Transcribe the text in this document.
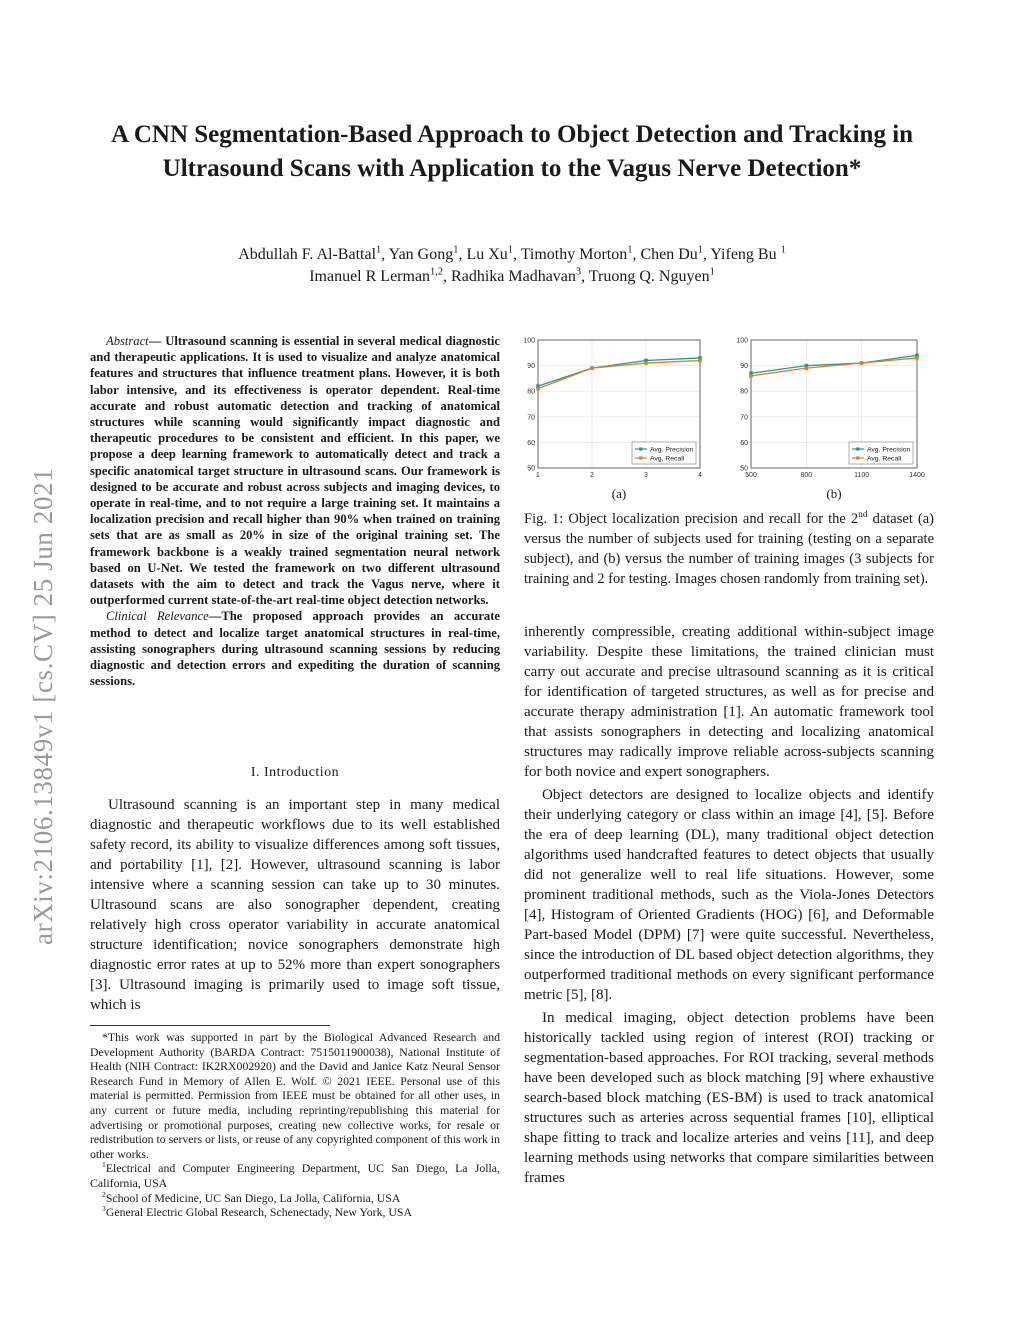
arXiv:2106.13849v1 [cs.CV] 25 Jun 2021
A CNN Segmentation-Based Approach to Object Detection and Tracking in Ultrasound Scans with Application to the Vagus Nerve Detection*
Abdullah F. Al-Battal$^1$, Yan Gong$^1$, Lu Xu$^1$, Timothy Morton$^1$, Chen Du$^1$, Yifeng Bu $^1$
Imanuel R Lerman$^{1,2}$, Radhika Madhavan$^3$, Truong Q. Nguyen$^1$

Abstract— Ultrasound scanning is essential in several medical diagnostic and therapeutic applications. It is used to visualize and analyze anatomical features and structures that influence treatment plans. However, it is both labor intensive, and its effectiveness is operator dependent. Real-time accurate and robust automatic detection and tracking of anatomical structures while scanning would significantly impact diagnostic and therapeutic procedures to be consistent and efficient. In this paper, we propose a deep learning framework to automatically detect and track a specific anatomical target structure in ultrasound scans. Our framework is designed to be accurate and robust across subjects and imaging devices, to operate in real-time, and to not require a large training set. It maintains a localization precision and recall higher than 90% when trained on training sets that are as small as 20% in size of the original training set. The framework backbone is a weakly trained segmentation neural network based on U-Net. We tested the framework on two different ultrasound datasets with the aim to detect and track the Vagus nerve, where it outperformed current state-of-the-art real-time object detection networks.

Clinical Relevance—The proposed approach provides an accurate method to detect and localize target anatomical structures in real-time, assisting sonographers during ultrasound scanning sessions by reducing diagnostic and detection errors and expediting the duration of scanning sessions.

I. Introduction

Ultrasound scanning is an important step in many medical diagnostic and therapeutic workflows due to its well established safety record, its ability to visualize differences among soft tissues, and portability [1], [2]. However, ultrasound scanning is labor intensive where a scanning session can take up to 30 minutes. Ultrasound scans are also sonographer dependent, creating relatively high cross operator variability in accurate anatomical structure identification; novice sonographers demonstrate high diagnostic error rates at up to 52% more than expert sonographers [3]. Ultrasound imaging is primarily used to image soft tissue, which is

*This work was supported in part by the Biological Advanced Research and Development Authority (BARDA Contract: 7515011900038), National Institute of Health (NIH Contract: IK2RX002920) and the David and Janice Katz Neural Sensor Research Fund in Memory of Allen E. Wolf. © 2021 IEEE. Personal use of this material is permitted. Permission from IEEE must be obtained for all other uses, in any current or future media, including reprinting/republishing this material for advertising or promotional purposes, creating new collective works, for resale or redistribution to servers or lists, or reuse of any copyrighted component of this work in other works.

$^1$Electrical and Computer Engineering Department, UC San Diego, La Jolla, California, USA

$^2$School of Medicine, UC San Diego, La Jolla, California, USA

$^3$General Electric Global Research, Schenectady, New York, USA

50
60
70
80
90
100
1	2	3	4
Avg. Precision
Avg. Recall
(a)
50
60
70
80
90
100
500	800	1100	1400
Avg. Precision
Avg. Recall
(b)
Fig. 1: Object localization precision and recall for the 2nd dataset (a) versus the number of subjects used for training (testing on a separate subject), and (b) versus the number of training images (3 subjects for training and 2 for testing. Images chosen randomly from training set).

inherently compressible, creating additional within-subject image variability. Despite these limitations, the trained clinician must carry out accurate and precise ultrasound scanning as it is critical for identification of targeted structures, as well as for precise and accurate therapy administration [1]. An automatic framework tool that assists sonographers in detecting and localizing anatomical structures may radically improve reliable across-subjects scanning for both novice and expert sonographers.

Object detectors are designed to localize objects and identify their underlying category or class within an image [4], [5]. Before the era of deep learning (DL), many traditional object detection algorithms used handcrafted features to detect objects that usually did not generalize well to real life situations. However, some prominent traditional methods, such as the Viola-Jones Detectors [4], Histogram of Oriented Gradients (HOG) [6], and Deformable Part-based Model (DPM) [7] were quite successful. Nevertheless, since the introduction of DL based object detection algorithms, they outperformed traditional methods on every significant performance metric [5], [8].

In medical imaging, object detection problems have been historically tackled using region of interest (ROI) tracking or segmentation-based approaches. For ROI tracking, several methods have been developed such as block matching [9] where exhaustive search-based block matching (ES-BM) is used to track anatomical structures such as arteries across sequential frames [10], elliptical shape fitting to track and localize arteries and veins [11], and deep learning methods using networks that compare similarities between frames
